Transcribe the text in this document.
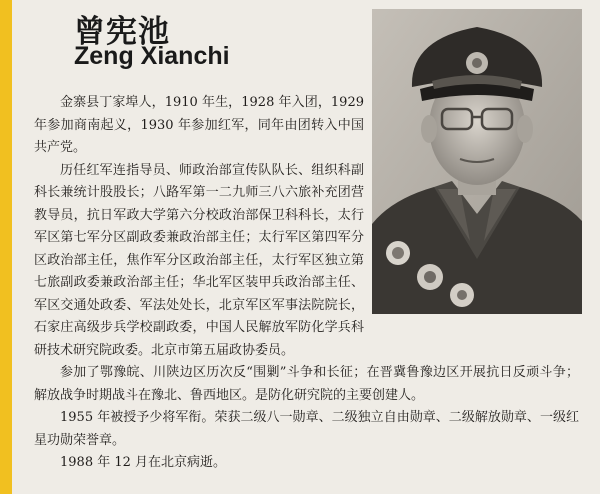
曾宪池
Zeng Xianchi

金寨县丁家埠人，1910 年生，1928 年入团，1929 年参加商南起义，1930 年参加红军，同年由团转入中国共产党。

历任红军连指导员、师政治部宣传队队长、组织科副科长兼统计股股长；八路军第一二九师三八六旅补充团营教导员，抗日军政大学第六分校政治部保卫科科长，太行军区第七军分区副政委兼政治部主任；太行军区第四军分区政治部主任，焦作军分区政治部主任，太行军区独立第七旅副政委兼政治部主任；华北军区装甲兵政治部主任、军区交通处政委、军法处处长，北京军区军事法院院长，石家庄高级步兵学校副政委，中国人民解放军防化学兵科研技术研究院政委。北京市第五届政协委员。

参加了鄂豫皖、川陕边区历次反“围剿”斗争和长征；在晋冀鲁豫边区开展抗日反顽斗争；解放战争时期战斗在豫北、鲁西地区。是防化研究院的主要创建人。

1955 年被授予少将军衔。荣获二级八一勋章、二级独立自由勋章、二级解放勋章、一级红星功勋荣誉章。

1988 年 12 月在北京病逝。
